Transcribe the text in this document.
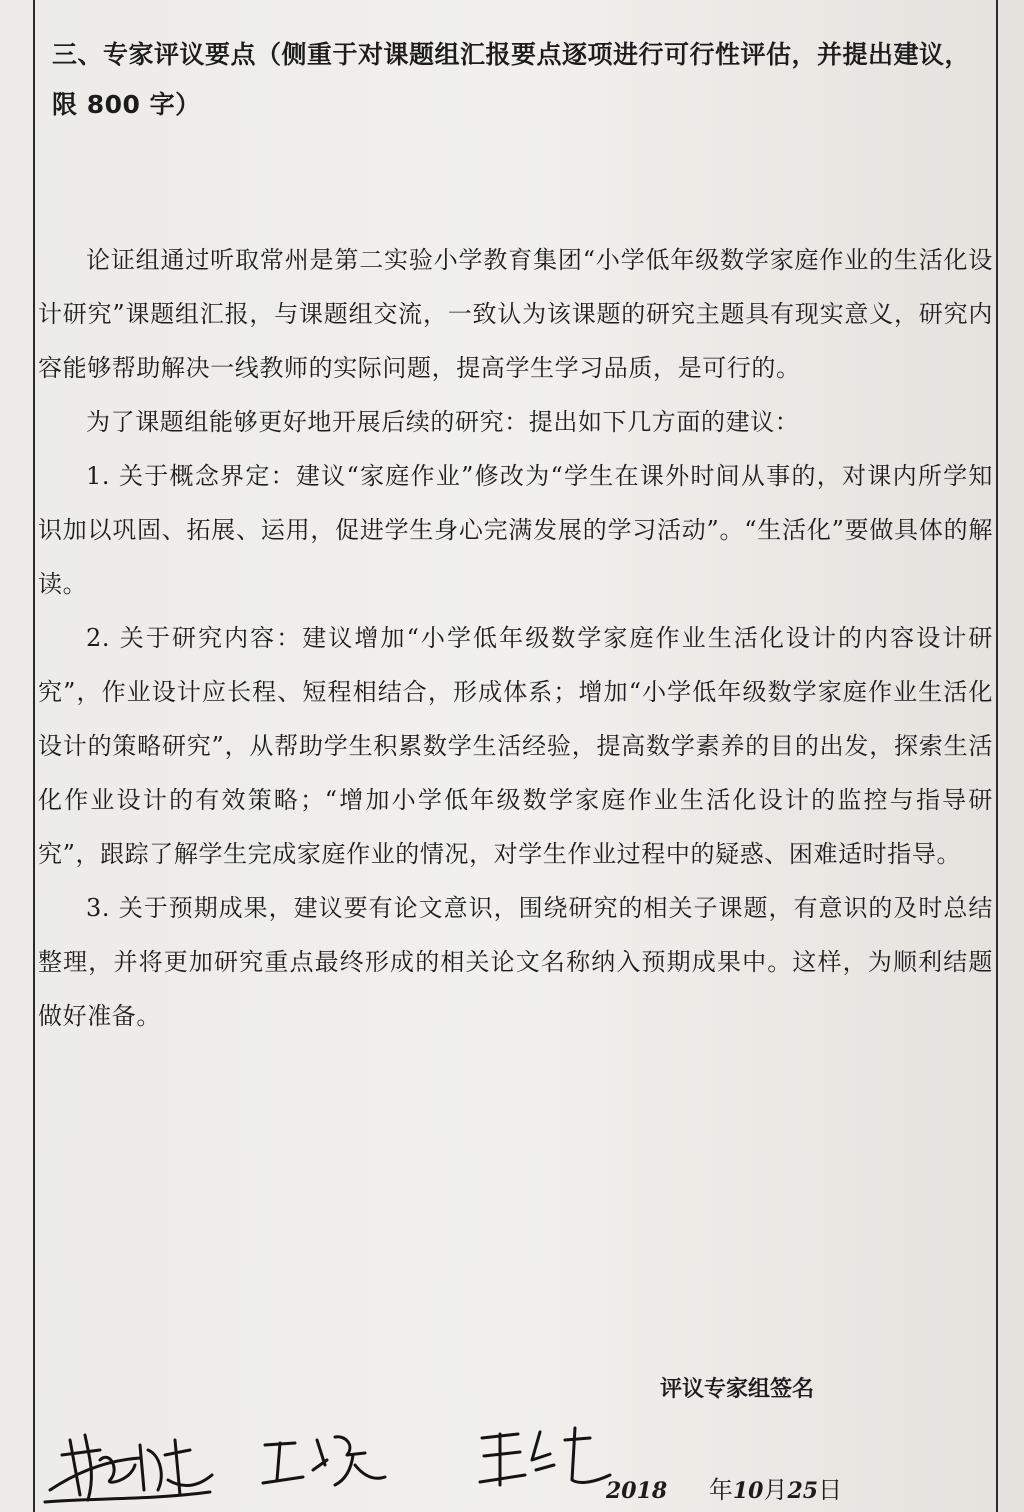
三、专家评议要点（侧重于对课题组汇报要点逐项进行可行性评估，并提出建议，限 800 字）

论证组通过听取常州是第二实验小学教育集团“小学低年级数学家庭作业的生活化设计研究”课题组汇报，与课题组交流，一致认为该课题的研究主题具有现实意义，研究内容能够帮助解决一线教师的实际问题，提高学生学习品质，是可行的。

为了课题组能够更好地开展后续的研究：提出如下几方面的建议：

1. 关于概念界定：建议“家庭作业”修改为“学生在课外时间从事的，对课内所学知识加以巩固、拓展、运用，促进学生身心完满发展的学习活动”。“生活化”要做具体的解读。

2. 关于研究内容：建议增加“小学低年级数学家庭作业生活化设计的内容设计研究”，作业设计应长程、短程相结合，形成体系；增加“小学低年级数学家庭作业生活化设计的策略研究”，从帮助学生积累数学生活经验，提高数学素养的目的出发，探索生活化作业设计的有效策略；“增加小学低年级数学家庭作业生活化设计的监控与指导研究”，跟踪了解学生完成家庭作业的情况，对学生作业过程中的疑惑、困难适时指导。

3. 关于预期成果，建议要有论文意识，围绕研究的相关子课题，有意识的及时总结整理，并将更加研究重点最终形成的相关论文名称纳入预期成果中。这样，为顺利结题做好准备。

评议专家组签名
2018 年10月25日
